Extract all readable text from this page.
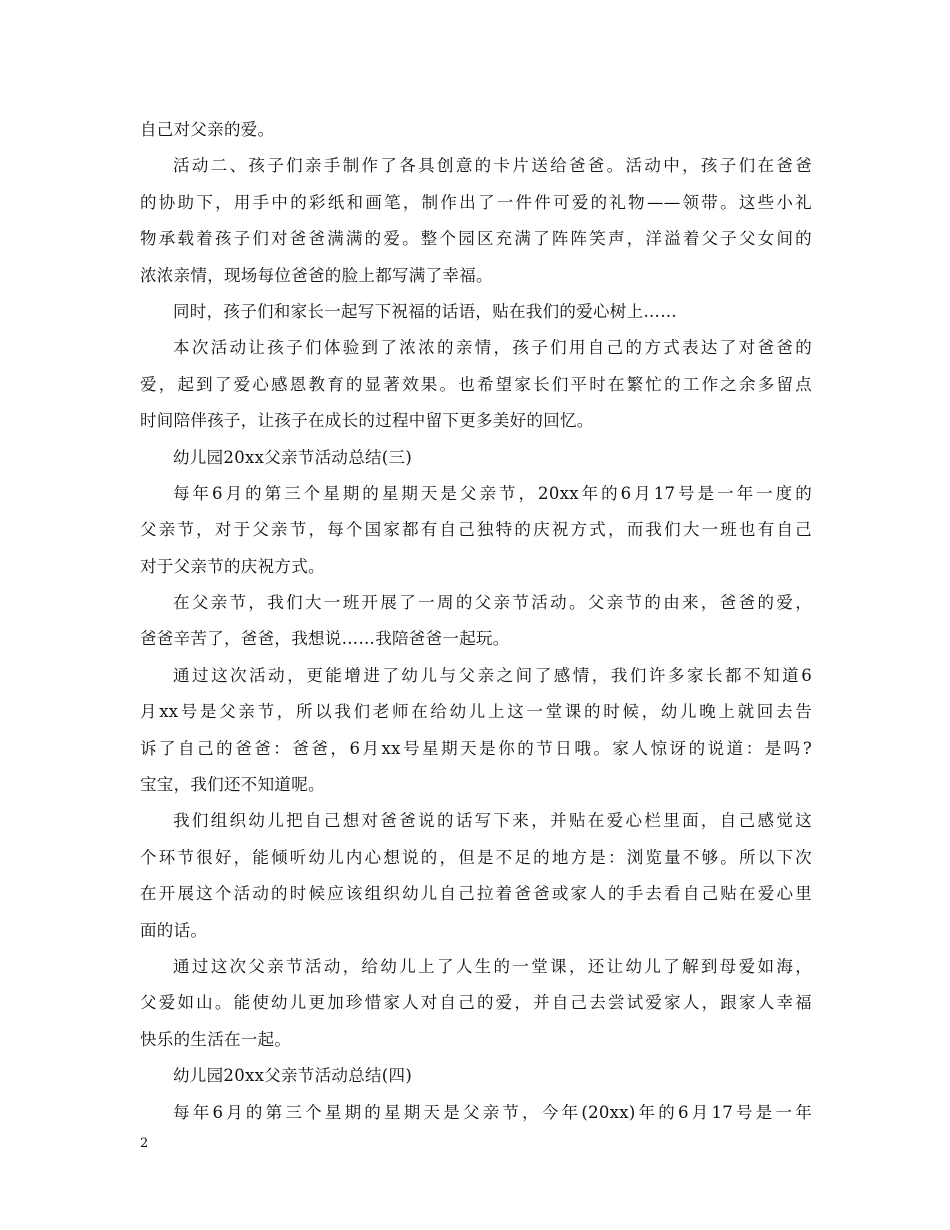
自己对父亲的爱。
活动二、孩子们亲手制作了各具创意的卡片送给爸爸。活动中，孩子们在爸爸
的协助下，用手中的彩纸和画笔，制作出了一件件可爱的礼物——领带。这些小礼
物承载着孩子们对爸爸满满的爱。整个园区充满了阵阵笑声，洋溢着父子父女间的
浓浓亲情，现场每位爸爸的脸上都写满了幸福。
同时，孩子们和家长一起写下祝福的话语，贴在我们的爱心树上……
本次活动让孩子们体验到了浓浓的亲情，孩子们用自己的方式表达了对爸爸的
爱，起到了爱心感恩教育的显著效果。也希望家长们平时在繁忙的工作之余多留点
时间陪伴孩子，让孩子在成长的过程中留下更多美好的回忆。
幼儿园20xx父亲节活动总结(三)
每年6月的第三个星期的星期天是父亲节，20xx年的6月17号是一年一度的
父亲节，对于父亲节，每个国家都有自己独特的庆祝方式，而我们大一班也有自己
对于父亲节的庆祝方式。
在父亲节，我们大一班开展了一周的父亲节活动。父亲节的由来，爸爸的爱，
爸爸辛苦了，爸爸，我想说……我陪爸爸一起玩。
通过这次活动，更能增进了幼儿与父亲之间了感情，我们许多家长都不知道6
月xx号是父亲节，所以我们老师在给幼儿上这一堂课的时候，幼儿晚上就回去告
诉了自己的爸爸：爸爸，6月xx号星期天是你的节日哦。家人惊讶的说道：是吗?
宝宝，我们还不知道呢。
我们组织幼儿把自己想对爸爸说的话写下来，并贴在爱心栏里面，自己感觉这
个环节很好，能倾听幼儿内心想说的，但是不足的地方是：浏览量不够。所以下次
在开展这个活动的时候应该组织幼儿自己拉着爸爸或家人的手去看自己贴在爱心里
面的话。
通过这次父亲节活动，给幼儿上了人生的一堂课，还让幼儿了解到母爱如海，
父爱如山。能使幼儿更加珍惜家人对自己的爱，并自己去尝试爱家人，跟家人幸福
快乐的生活在一起。
幼儿园20xx父亲节活动总结(四)
每年6月的第三个星期的星期天是父亲节，今年(20xx)年的6月17号是一年
2
